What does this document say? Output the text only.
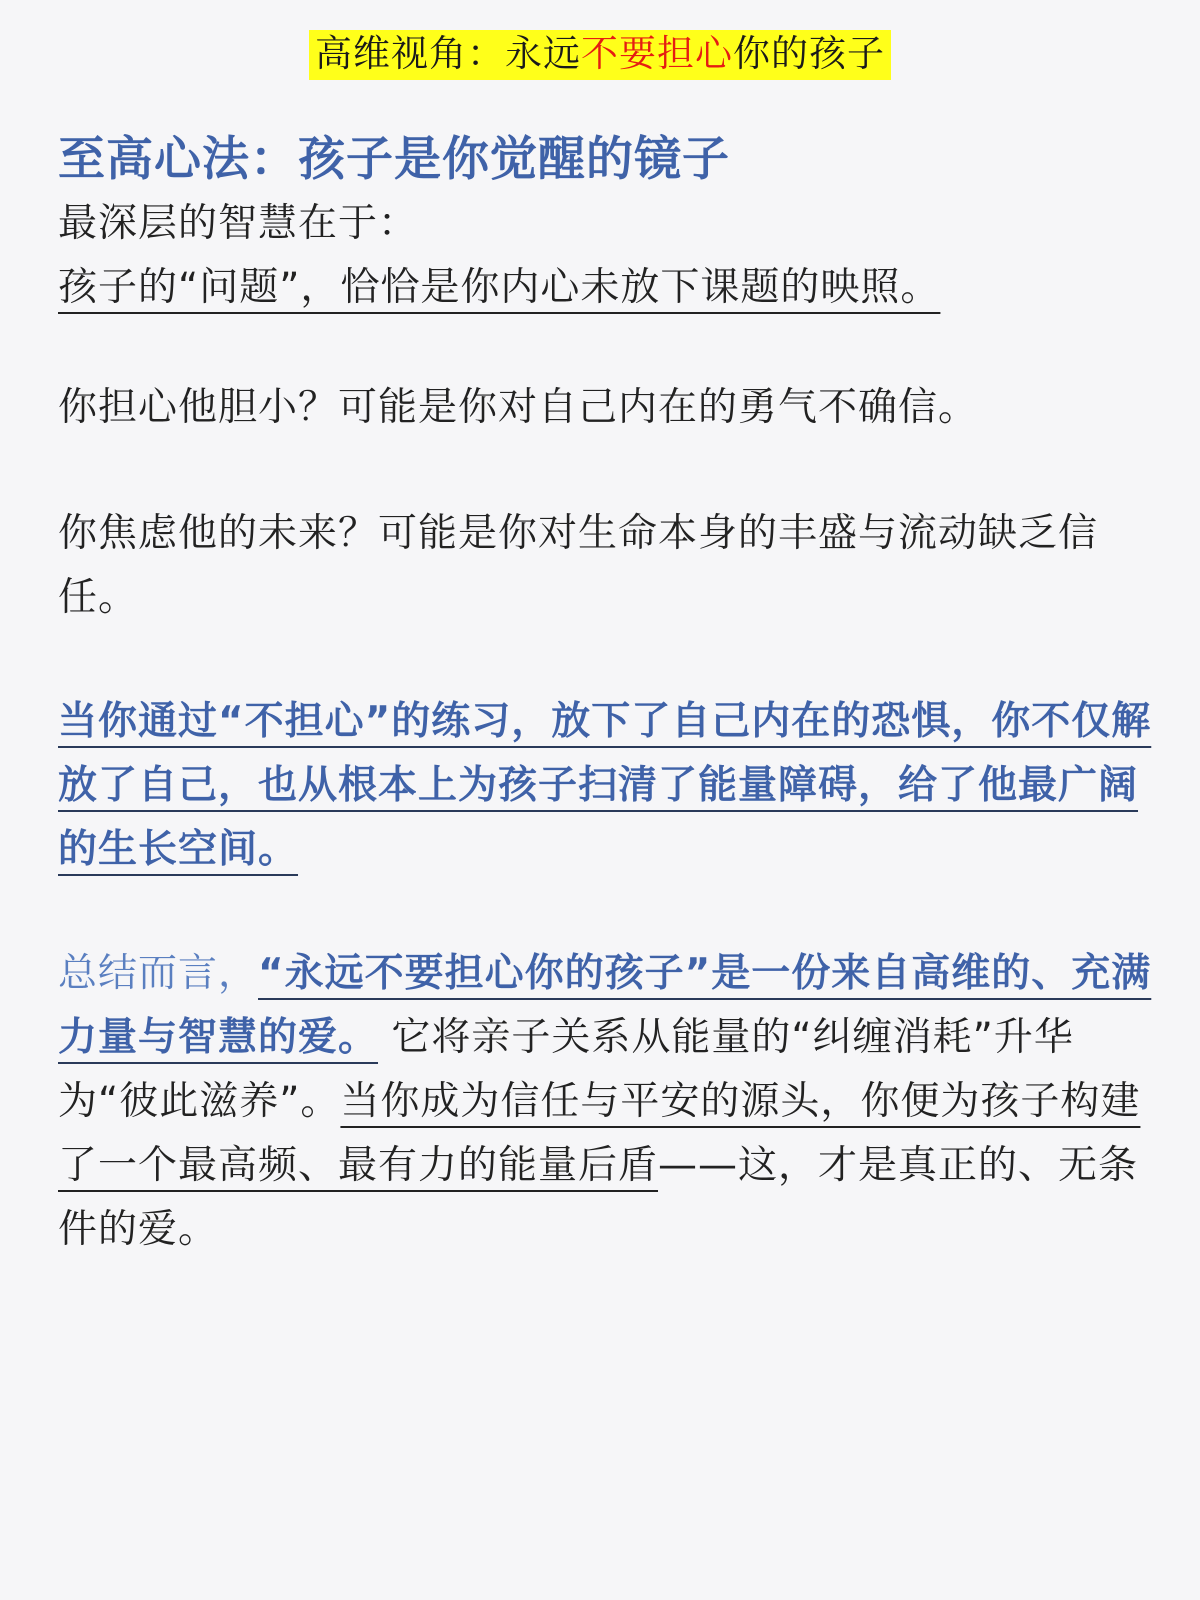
高维视角：永远不要担心你的孩子
至高心法：孩子是你觉醒的镜子

最深层的智慧在于：

孩子的“问题”，恰恰是你内心未放下课题的映照。

你担心他胆小？可能是你对自己内在的勇气不确信。

你焦虑他的未来？可能是你对生命本身的丰盛与流动缺乏信任。

当你通过“不担心”的练习，放下了自己内在的恐惧，你不仅解放了自己，也从根本上为孩子扫清了能量障碍，给了他最广阔的生长空间。

总结而言，“永远不要担心你的孩子”是一份来自高维的、充满力量与智慧的爱。 它将亲子关系从能量的“纠缠消耗”升华为“彼此滋养”。当你成为信任与平安的源头，你便为孩子构建了一个最高频、最有力的能量后盾——这，才是真正的、无条件的爱。
